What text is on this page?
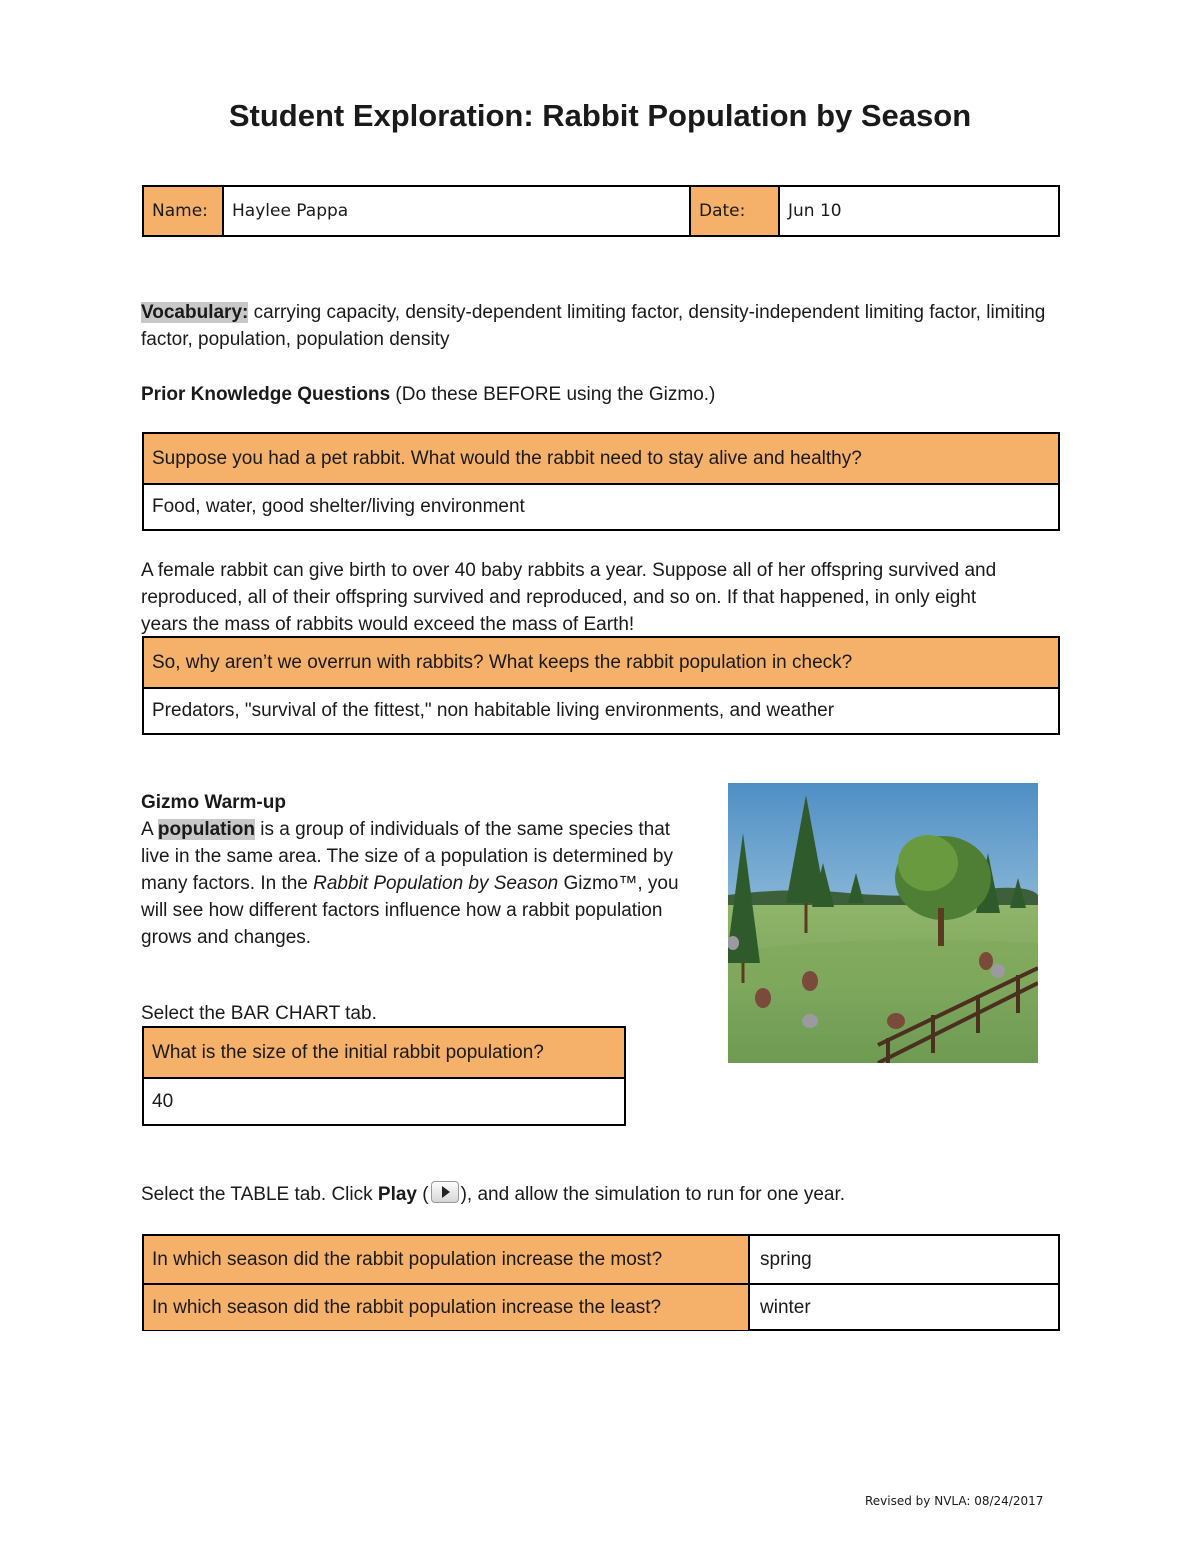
Student Exploration: Rabbit Population by Season
Name:	Haylee Pappa	Date:	Jun 10
Vocabulary: carrying capacity, density-dependent limiting factor, density-independent limiting factor, limiting factor, population, population density
Prior Knowledge Questions (Do these BEFORE using the Gizmo.)
Suppose you had a pet rabbit. What would the rabbit need to stay alive and healthy?
Food, water, good shelter/living environment
A female rabbit can give birth to over 40 baby rabbits a year. Suppose all of her offspring survived and reproduced, all of their offspring survived and reproduced, and so on. If that happened, in only eight years the mass of rabbits would exceed the mass of Earth!
So, why aren’t we overrun with rabbits? What keeps the rabbit population in check?
Predators, "survival of the fittest," non habitable living environments, and weather
Gizmo Warm-up
A population is a group of individuals of the same species that live in the same area. The size of a population is determined by many factors. In the Rabbit Population by Season Gizmo™, you will see how different factors influence how a rabbit population grows and changes.
Select the BAR CHART tab.
What is the size of the initial rabbit population?
40
Select the TABLE tab. Click Play ( ), and allow the simulation to run for one year.
In which season did the rabbit population increase the most?	spring
In which season did the rabbit population increase the least?	winter
Revised by NVLA: 08/24/2017
